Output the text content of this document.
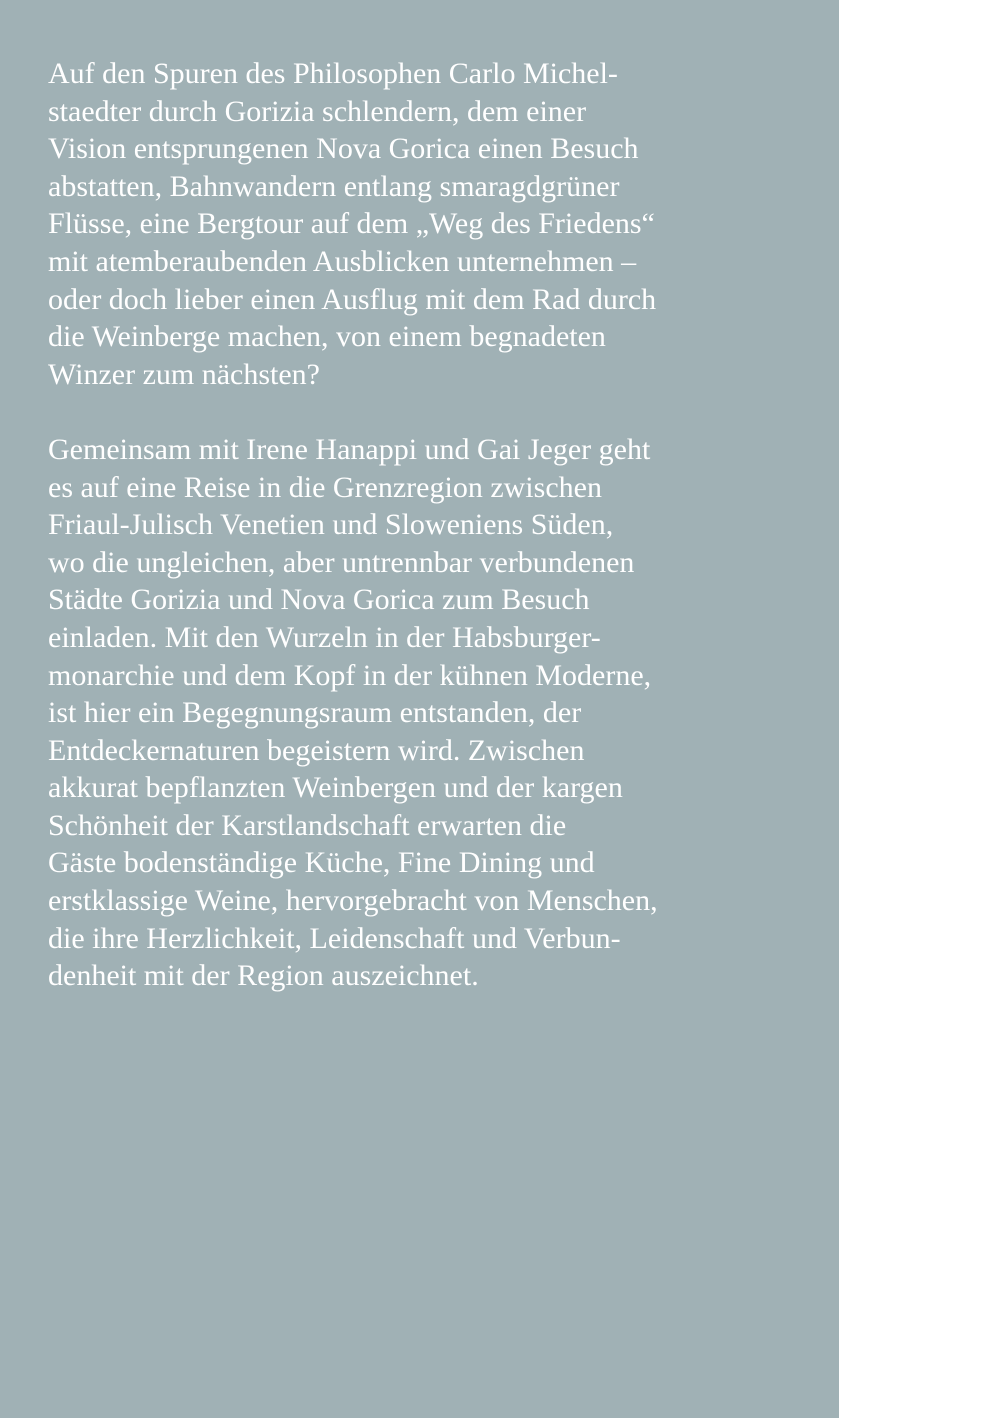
Auf den Spuren des Philosophen Carlo Michel-
staedter durch Gorizia schlendern, dem einer
Vision entsprungenen Nova Gorica einen Besuch
abstatten, Bahnwandern entlang smaragdgrüner
Flüsse, eine Bergtour auf dem „Weg des Friedens“
mit atemberaubenden Ausblicken unternehmen –
oder doch lieber einen Ausflug mit dem Rad durch
die Weinberge machen, von einem begnadeten
Winzer zum nächsten?

Gemeinsam mit Irene Hanappi und Gai Jeger geht
es auf eine Reise in die Grenzregion zwischen
Friaul-Julisch Venetien und Sloweniens Süden,
wo die ungleichen, aber untrennbar verbundenen
Städte Gorizia und Nova Gorica zum Besuch
einladen. Mit den Wurzeln in der Habsburger-
monarchie und dem Kopf in der kühnen Moderne,
ist hier ein Begegnungsraum entstanden, der
Entdeckernaturen begeistern wird. Zwischen
akkurat bepflanzten Weinbergen und der kargen
Schönheit der Karstlandschaft erwarten die
Gäste bodenständige Küche, Fine Dining und
erstklassige Weine, hervorgebracht von Menschen,
die ihre Herzlichkeit, Leidenschaft und Verbun-
denheit mit der Region auszeichnet.
